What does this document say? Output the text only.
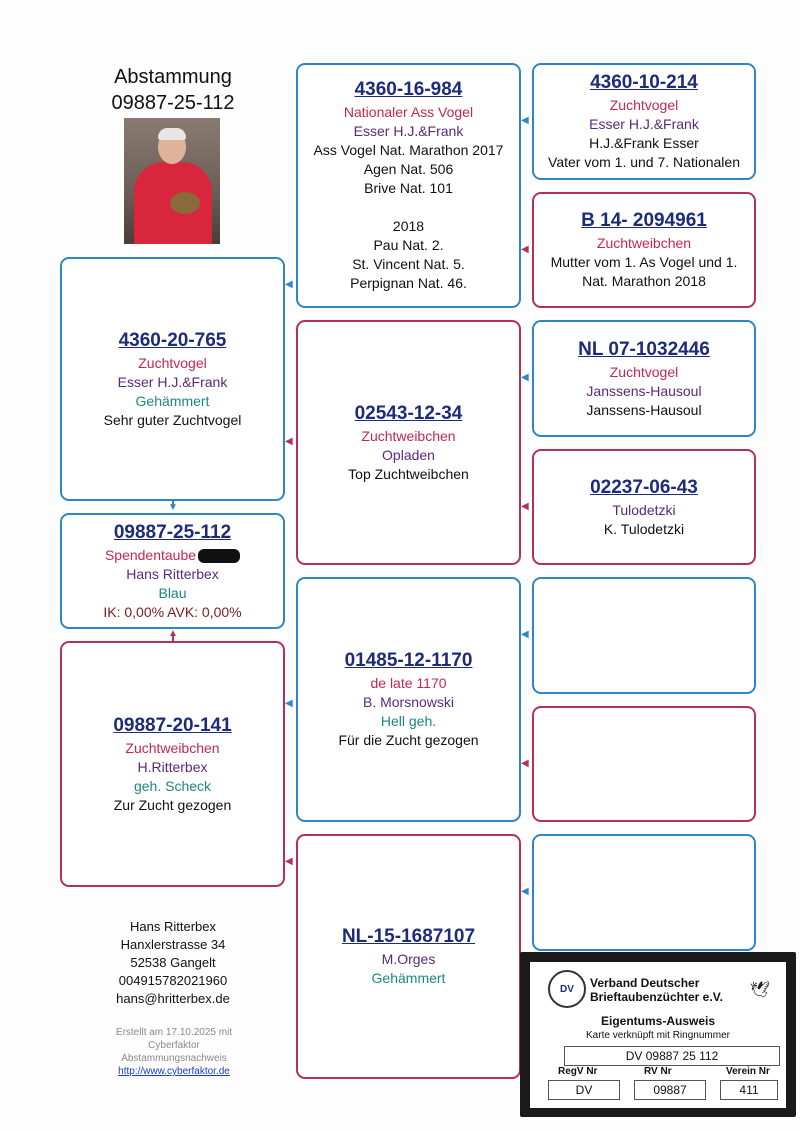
Abstammung
09887-25-112
4360-20-765
Zuchtvogel
Esser H.J.&Frank
Gehämmert
Sehr guter Zuchtvogel
09887-25-112
Spendentaube
Hans Ritterbex
Blau
IK: 0,00% AVK: 0,00%
09887-20-141
Zuchtweibchen
H.Ritterbex
geh. Scheck
Zur Zucht gezogen
4360-16-984
Nationaler Ass Vogel
Esser H.J.&Frank
Ass Vogel Nat. Marathon 2017
Agen Nat. 506
Brive Nat. 101
2018
Pau Nat. 2.
St. Vincent Nat. 5.
Perpignan Nat. 46.
02543-12-34
Zuchtweibchen
Opladen
Top Zuchtweibchen
01485-12-1170
de late 1170
B. Morsnowski
Hell geh.
Für die Zucht gezogen
NL-15-1687107
M.Orges
Gehämmert
4360-10-214
Zuchtvogel
Esser H.J.&Frank
H.J.&Frank Esser
Vater vom 1. und 7. Nationalen
B 14- 2094961
Zuchtweibchen
Mutter vom 1. As Vogel und 1.
Nat. Marathon 2018
NL 07-1032446
Zuchtvogel
Janssens-Hausoul
Janssens-Hausoul
02237-06-43
Tulodetzki
K. Tulodetzki
▼
▲
◀
◀
◀
◀
◀
◀
◀
◀
◀
◀
◀
Hans Ritterbex
Hanxlerstrasse 34
52538 Gangelt
004915782021960
hans@hritterbex.de
Erstellt am 17.10.2025 mit
Cyberfaktor
Abstammungsnachweis
http://www.cyberfaktor.de
DV	Verband Deutscher
Brieftaubenzüchter e.V.	🕊
Eigentums-Ausweis
Karte verknüpft mit Ringnummer
DV 09887 25 112
RegV Nr	RV Nr	Verein Nr
DV	09887	411
